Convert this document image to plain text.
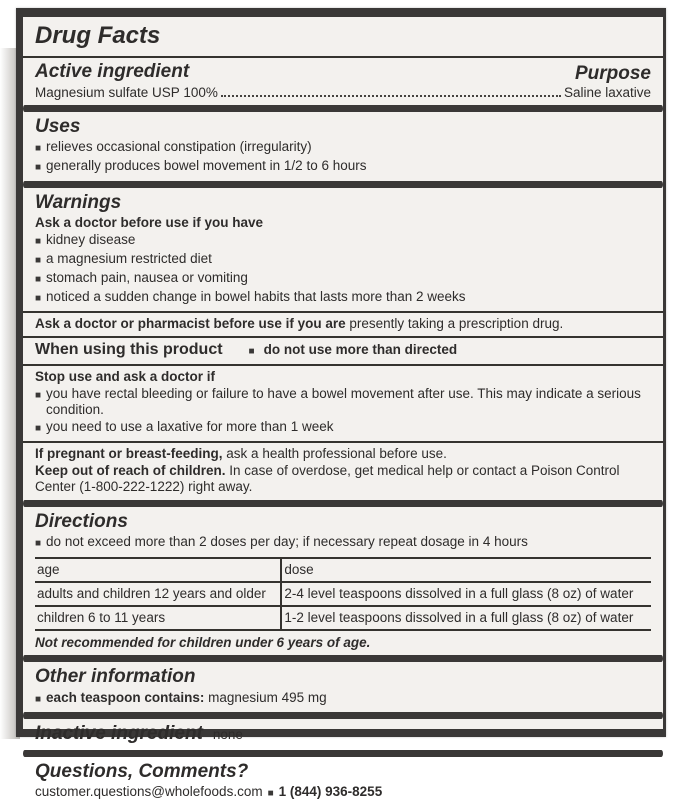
Drug Facts
Active ingredient	Purpose
Magnesium sulfate USP 100%	Saline laxative
Uses
■ relieves occasional constipation (irregularity)
■ generally produces bowel movement in 1/2 to 6 hours
Warnings

Ask a doctor before use if you have

■ kidney disease
■ a magnesium restricted diet
■ stomach pain, nausea or vomiting
■ noticed a sudden change in bowel habits that lasts more than 2 weeks

Ask a doctor or pharmacist before use if you are presently taking a prescription drug.

When using this product	■ do not use more than directed

Stop use and ask a doctor if

■ you have rectal bleeding or failure to have a bowel movement after use. This may indicate a serious condition.
■ you need to use a laxative for more than 1 week

If pregnant or breast-feeding, ask a health professional before use.

Keep out of reach of children. In case of overdose, get medical help or contact a Poison Control Center (1-800-222-1222) right away.

Directions
■ do not exceed more than 2 doses per day; if necessary repeat dosage in 4 hours
age	dose
adults and children 12 years and older	2-4 level teaspoons dissolved in a full glass (8 oz) of water
children 6 to 11 years	1-2 level teaspoons dissolved in a full glass (8 oz) of water

Not recommended for children under 6 years of age.

Other information
■ each teaspoon contains: magnesium 495 mg

Inactive ingredient none
Questions, Comments?
customer.questions@wholefoods.com ■ 1 (844) 936-8255
